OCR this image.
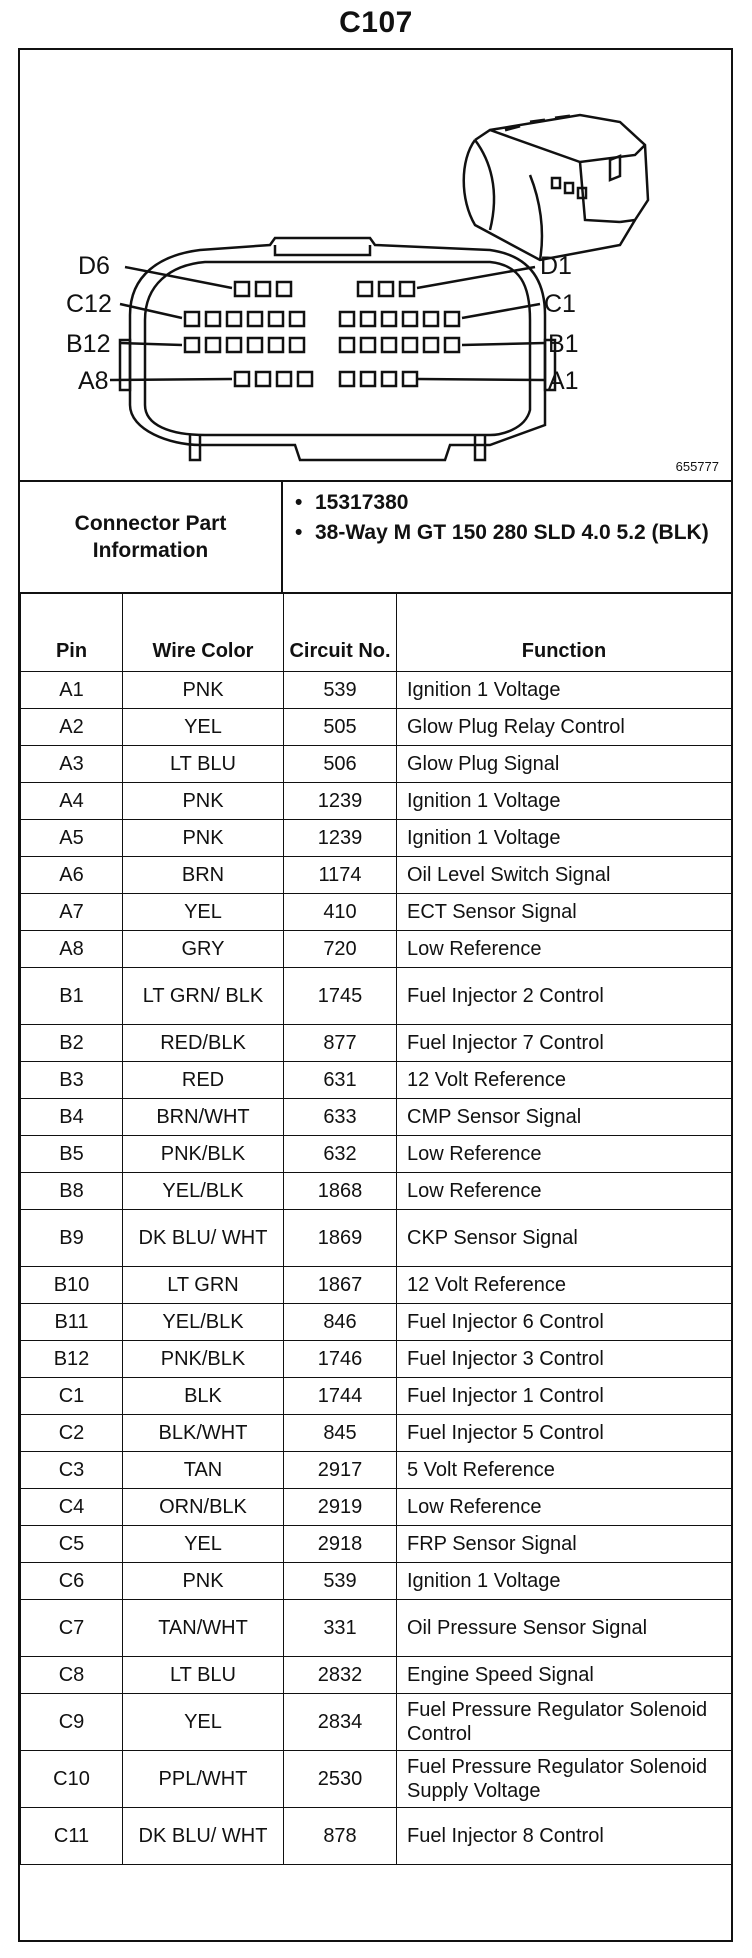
C107
D6
C12
B12
A8
D1
C1
B1
A1
655777
Connector Part Information
• 15317380
• 38-Way M GT 150 280 SLD 4.0 5.2 (BLK)
Pin	Wire Color	Circuit No.	Function
A1	PNK	539	Ignition 1 Voltage
A2	YEL	505	Glow Plug Relay Control
A3	LT BLU	506	Glow Plug Signal
A4	PNK	1239	Ignition 1 Voltage
A5	PNK	1239	Ignition 1 Voltage
A6	BRN	1174	Oil Level Switch Signal
A7	YEL	410	ECT Sensor Signal
A8	GRY	720	Low Reference
B1	LT GRN/ BLK	1745	Fuel Injector 2 Control
B2	RED/BLK	877	Fuel Injector 7 Control
B3	RED	631	12 Volt Reference
B4	BRN/WHT	633	CMP Sensor Signal
B5	PNK/BLK	632	Low Reference
B8	YEL/BLK	1868	Low Reference
B9	DK BLU/ WHT	1869	CKP Sensor Signal
B10	LT GRN	1867	12 Volt Reference
B11	YEL/BLK	846	Fuel Injector 6 Control
B12	PNK/BLK	1746	Fuel Injector 3 Control
C1	BLK	1744	Fuel Injector 1 Control
C2	BLK/WHT	845	Fuel Injector 5 Control
C3	TAN	2917	5 Volt Reference
C4	ORN/BLK	2919	Low Reference
C5	YEL	2918	FRP Sensor Signal
C6	PNK	539	Ignition 1 Voltage
C7	TAN/WHT	331	Oil Pressure Sensor Signal
C8	LT BLU	2832	Engine Speed Signal
C9	YEL	2834	Fuel Pressure Regulator Solenoid Control
C10	PPL/WHT	2530	Fuel Pressure Regulator Solenoid Supply Voltage
C11	DK BLU/ WHT	878	Fuel Injector 8 Control
